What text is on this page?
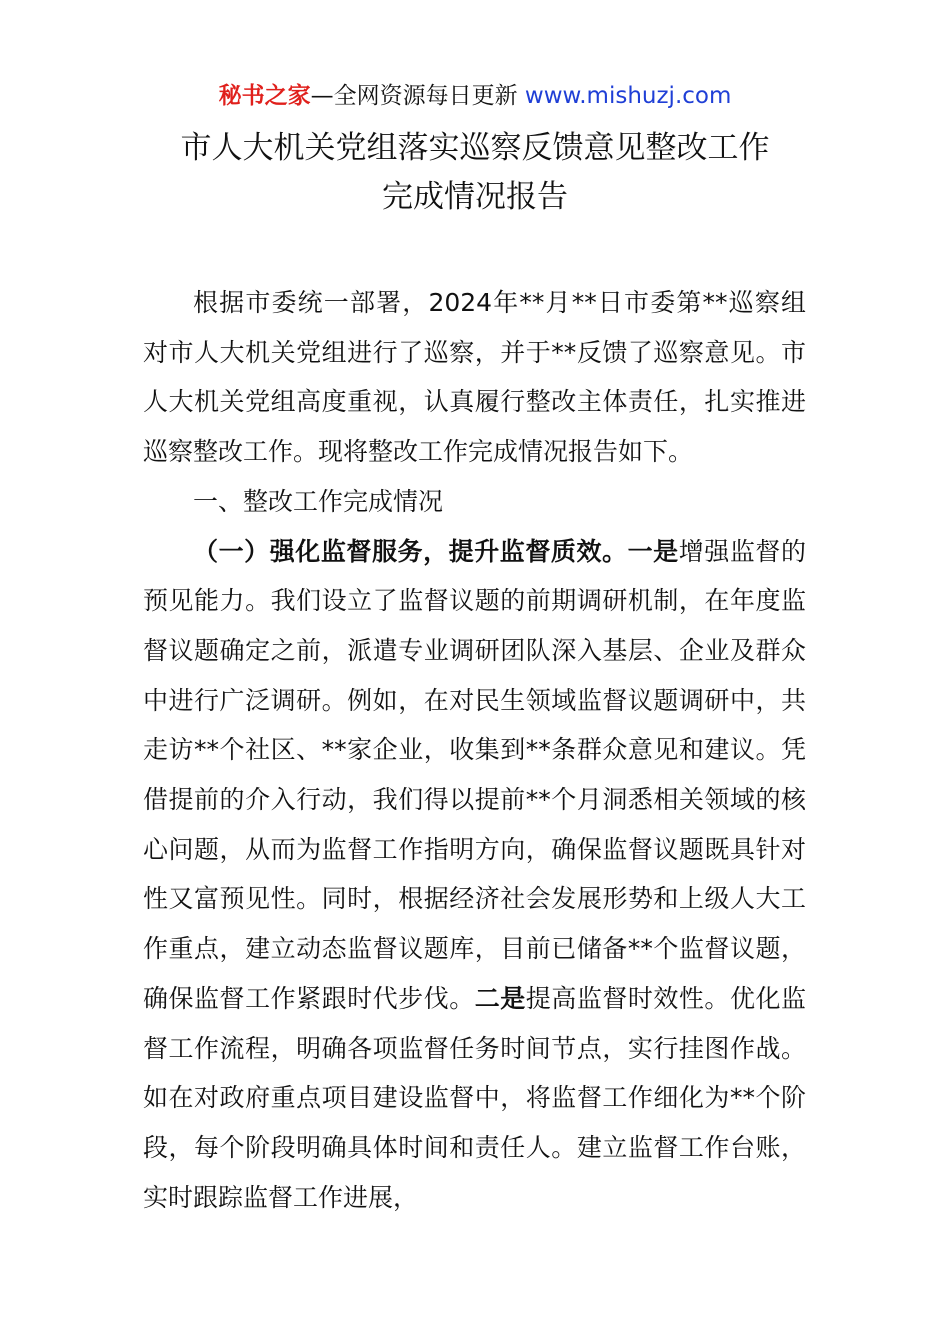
秘书之家—全网资源每日更新 www.mishuzj.com
市人大机关党组落实巡察反馈意见整改工作
完成情况报告

根据市委统一部署，2024年**月**日市委第**巡察组对市人大机关党组进行了巡察，并于**反馈了巡察意见。市人大机关党组高度重视，认真履行整改主体责任，扎实推进巡察整改工作。现将整改工作完成情况报告如下。

一、整改工作完成情况

（一）强化监督服务，提升监督质效。一是增强监督的预见能力。我们设立了监督议题的前期调研机制，在年度监督议题确定之前，派遣专业调研团队深入基层、企业及群众中进行广泛调研。例如，在对民生领域监督议题调研中，共走访**个社区、**家企业，收集到**条群众意见和建议。凭借提前的介入行动，我们得以提前**个月洞悉相关领域的核心问题，从而为监督工作指明方向，确保监督议题既具针对性又富预见性。同时，根据经济社会发展形势和上级人大工作重点，建立动态监督议题库，目前已储备**个监督议题，确保监督工作紧跟时代步伐。二是提高监督时效性。优化监督工作流程，明确各项监督任务时间节点，实行挂图作战。如在对政府重点项目建设监督中，将监督工作细化为**个阶段，每个阶段明确具体时间和责任人。建立监督工作台账，实时跟踪监督工作进展，
